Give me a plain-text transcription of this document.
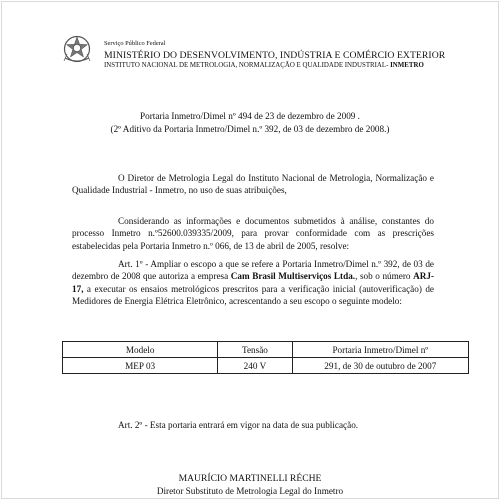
Serviço Público Federal
MINISTÉRIO DO DESENVOLVIMENTO, INDÚSTRIA E COMÉRCIO EXTERIOR
INSTITUTO NACIONAL DE METROLOGIA, NORMALIZAÇÃO E QUALIDADE INDUSTRIAL- INMETRO
Portaria Inmetro/Dimel nº 494 de 23 de dezembro de 2009 .
(2º Aditivo da Portaria Inmetro/Dimel n.º 392, de 03 de dezembro de 2008.)
O Diretor de Metrologia Legal do Instituto Nacional de Metrologia, Normalização e Qualidade Industrial - Inmetro, no uso de suas atribuições,
Considerando as informações e documentos submetidos à análise, constantes do processo Inmetro n.º52600.039335/2009, para provar conformidade com as prescrições estabelecidas pela Portaria Inmetro n.º 066, de 13 de abril de 2005, resolve:
Art. 1º - Ampliar o escopo a que se refere a Portaria Inmetro/Dimel n.º 392, de 03 de dezembro de 2008 que autoriza a empresa Cam Brasil Multiserviços Ltda., sob o número ARJ-17, a executar os ensaios metrológicos prescritos para a verificação inicial (autoverificação) de Medidores de Energia Elétrica Eletrônico, acrescentando a seu escopo o seguinte modelo:
Modelo	Tensão	Portaria Inmetro/Dimel nº
MEP 03	240 V	291, de 30 de outubro de 2007
Art. 2º - Esta portaria entrará em vigor na data de sua publicação.
MAURÍCIO MARTINELLI RÉCHE
Diretor Substituto de Metrologia Legal do Inmetro
